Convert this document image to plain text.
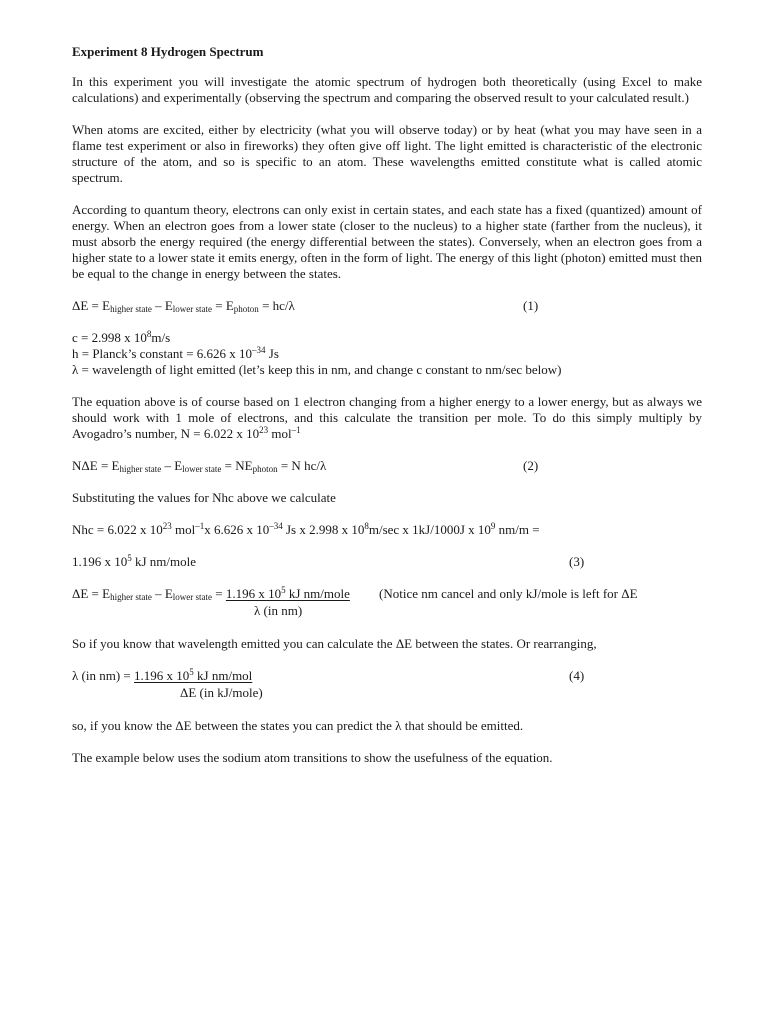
Experiment 8 Hydrogen Spectrum

In this experiment you will investigate the atomic spectrum of hydrogen both theoretically (using Excel to make calculations) and experimentally (observing the spectrum and comparing the observed result to your calculated result.)

When atoms are excited, either by electricity (what you will observe today) or by heat (what you may have seen in a flame test experiment or also in fireworks) they often give off light. The light emitted is characteristic of the electronic structure of the atom, and so is specific to an atom. These wavelengths emitted constitute what is called atomic spectrum.

According to quantum theory, electrons can only exist in certain states, and each state has a fixed (quantized) amount of energy. When an electron goes from a lower state (closer to the nucleus) to a higher state (farther from the nucleus), it must absorb the energy required (the energy differential between the states). Conversely, when an electron goes from a higher state to a lower state it emits energy, often in the form of light. The energy of this light (photon) emitted must then be equal to the change in energy between the states.

$\Delta E = E_{higher state} - E_{lower state} = E_{photon} = hc/\lambda$	(1)
c = 2.998 x $10^8m/s$
h = Planck’s constant = 6.626 x $10^{-34}$ Js
λ = wavelength of light emitted (let’s keep this in nm, and change c constant to nm/sec below)

The equation above is of course based on 1 electron changing from a higher energy to a lower energy, but as always we should work with 1 mole of electrons, and this calculate the transition per mole. To do this simply multiply by Avogadro’s number, N = 6.022 x $10^{23}$ mol$^{-1}$

$N\Delta E = E_{higher state} - E_{lower state} = NE_{photon} = N$ hc/λ	(2)

Substituting the values for Nhc above we calculate

Nhc = 6.022 x $10^{23}$ mol$^{-1}$x 6.626 x $10^{-34}$ Js x 2.998 x $10^8m/\sec$ x 1kJ/1000J x $10^9$ nm/m =
1.196 x $10^5$ kJ nm/mole	(3)
$\Delta E = E_{higher state} - E_{lower state} = 1.196$ x $10^5$ kJ nm/mole
λ (in nm)
(Notice nm cancel and only kJ/mole is left for ΔE

So if you know that wavelength emitted you can calculate the ΔE between the states. Or rearranging,

λ (in nm) = 1.196 x $10^5$ kJ nm/mol
ΔE (in kJ/mole)
(4)

so, if you know the ΔE between the states you can predict the λ that should be emitted.

The example below uses the sodium atom transitions to show the usefulness of the equation.
